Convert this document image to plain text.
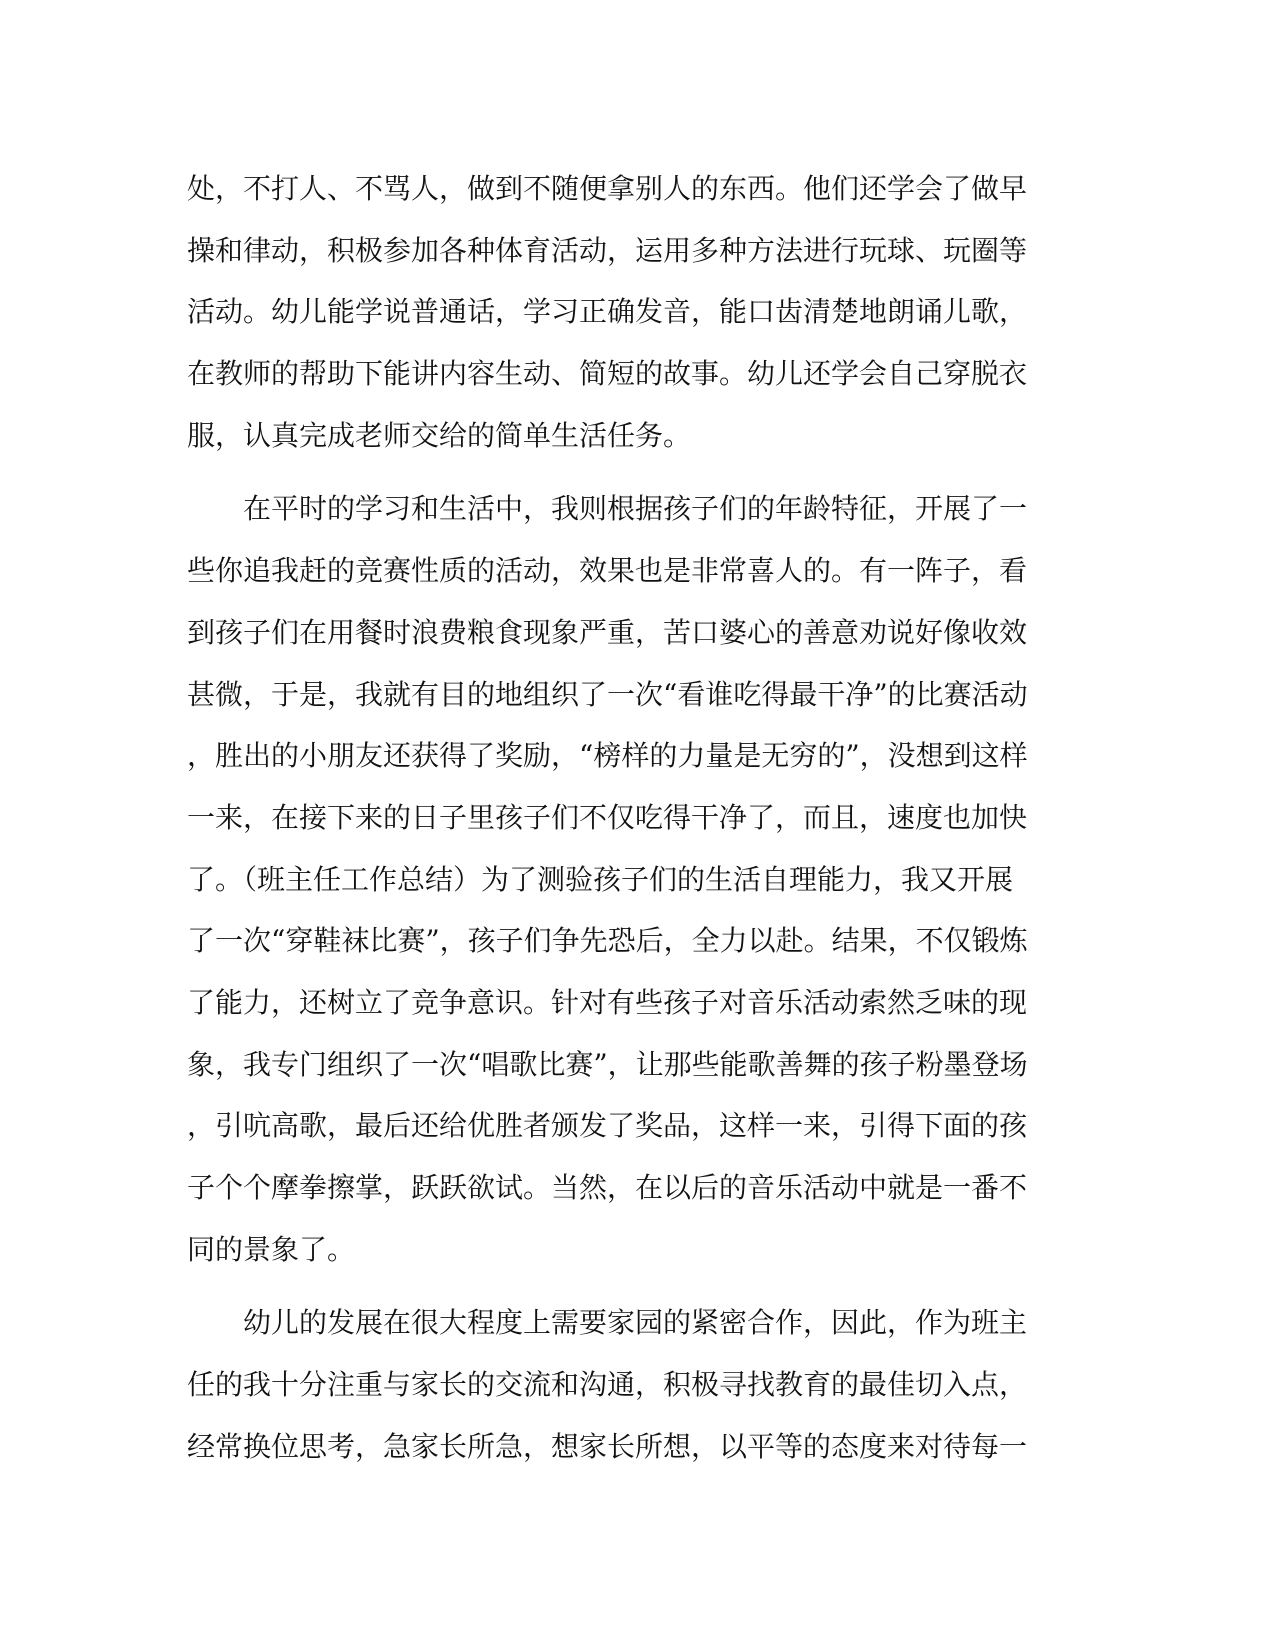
处，不打人、不骂人，做到不随便拿别人的东西。他们还学会了做早
操和律动，积极参加各种体育活动，运用多种方法进行玩球、玩圈等
活动。幼儿能学说普通话，学习正确发音，能口齿清楚地朗诵儿歌，
在教师的帮助下能讲内容生动、简短的故事。幼儿还学会自己穿脱衣
服，认真完成老师交给的简单生活任务。
　　在平时的学习和生活中，我则根据孩子们的年龄特征，开展了一
些你追我赶的竞赛性质的活动，效果也是非常喜人的。有一阵子，看
到孩子们在用餐时浪费粮食现象严重，苦口婆心的善意劝说好像收效
甚微，于是，我就有目的地组织了一次“看谁吃得最干净”的比赛活动
，胜出的小朋友还获得了奖励，“榜样的力量是无穷的”，没想到这样
一来，在接下来的日子里孩子们不仅吃得干净了，而且，速度也加快
了。（班主任工作总结）为了测验孩子们的生活自理能力，我又开展
了一次“穿鞋袜比赛”，孩子们争先恐后，全力以赴。结果，不仅锻炼
了能力，还树立了竞争意识。针对有些孩子对音乐活动索然乏味的现
象，我专门组织了一次“唱歌比赛”，让那些能歌善舞的孩子粉墨登场
，引吭高歌，最后还给优胜者颁发了奖品，这样一来，引得下面的孩
子个个摩拳擦掌，跃跃欲试。当然，在以后的音乐活动中就是一番不
同的景象了。
　　幼儿的发展在很大程度上需要家园的紧密合作，因此，作为班主
任的我十分注重与家长的交流和沟通，积极寻找教育的最佳切入点，
经常换位思考，急家长所急，想家长所想，以平等的态度来对待每一
